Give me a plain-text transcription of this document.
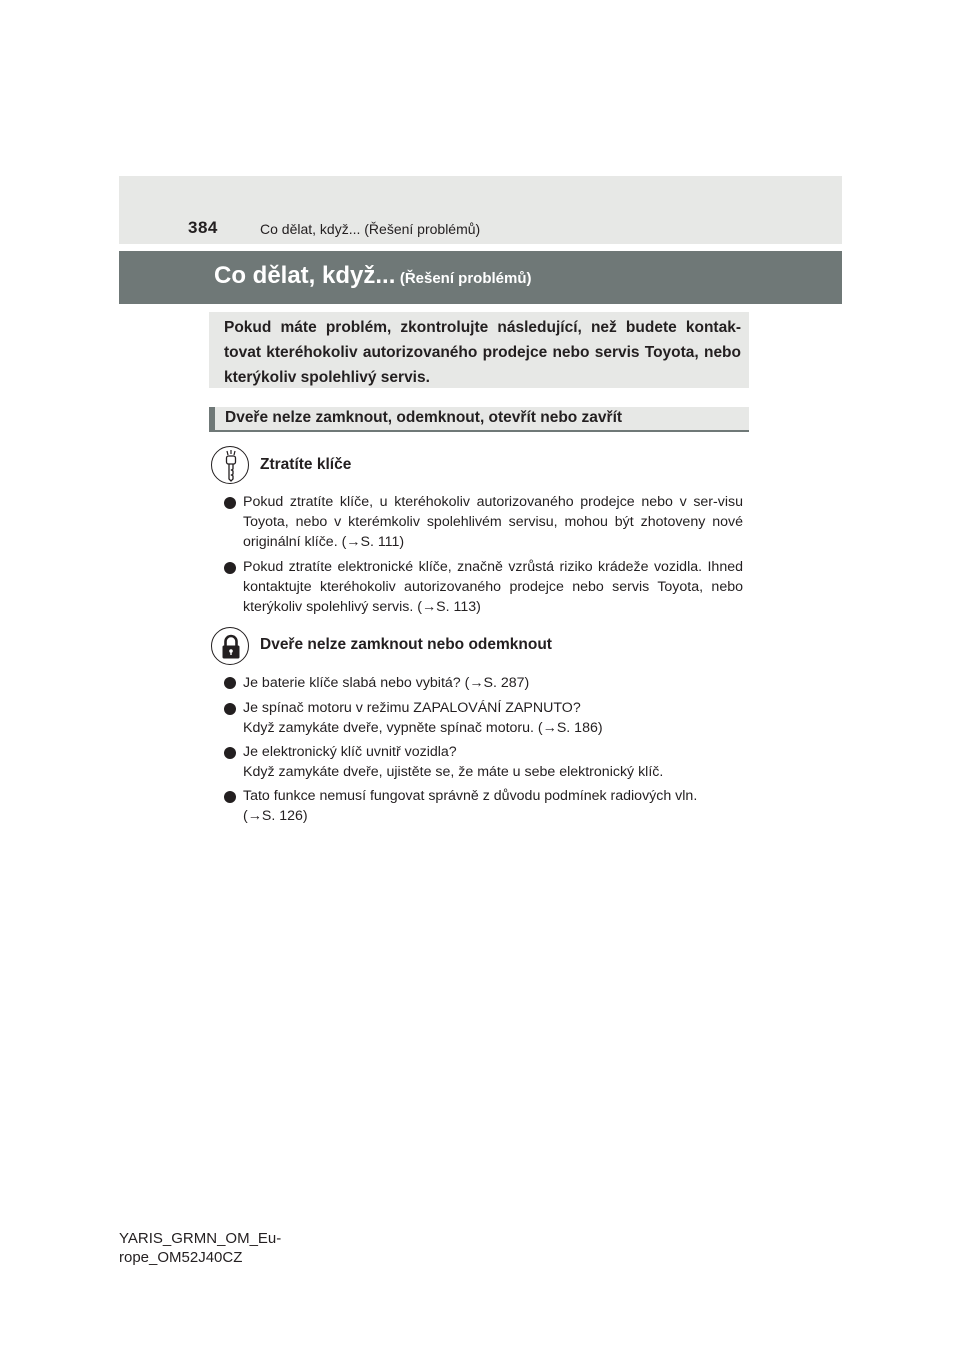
384	Co dělat, když... (Řešení problémů)
Co dělat, když... (Řešení problémů)
Pokud máte problém, zkontrolujte následující, než budete kontak-tovat kteréhokoliv autorizovaného prodejce nebo servis Toyota, nebo kterýkoliv spolehlivý servis.
Dveře nelze zamknout, odemknout, otevřít nebo zavřít
Ztratíte klíče
Pokud ztratíte klíče, u kteréhokoliv autorizovaného prodejce nebo v ser-visu Toyota, nebo v kterémkoliv spolehlivém servisu, mohou být zhotoveny nové originální klíče. (→S. 111)
Pokud ztratíte elektronické klíče, značně vzrůstá riziko krádeže vozidla. Ihned kontaktujte kteréhokoliv autorizovaného prodejce nebo servis Toyota, nebo kterýkoliv spolehlivý servis. (→S. 113)
Dveře nelze zamknout nebo odemknout
Je baterie klíče slabá nebo vybitá? (→S. 287)
Je spínač motoru v režimu ZAPALOVÁNÍ ZAPNUTO?
Když zamykáte dveře, vypněte spínač motoru. (→S. 186)
Je elektronický klíč uvnitř vozidla?
Když zamykáte dveře, ujistěte se, že máte u sebe elektronický klíč.
Tato funkce nemusí fungovat správně z důvodu podmínek radiových vln.
(→S. 126)
YARIS_GRMN_OM_Eu-
rope_OM52J40CZ
